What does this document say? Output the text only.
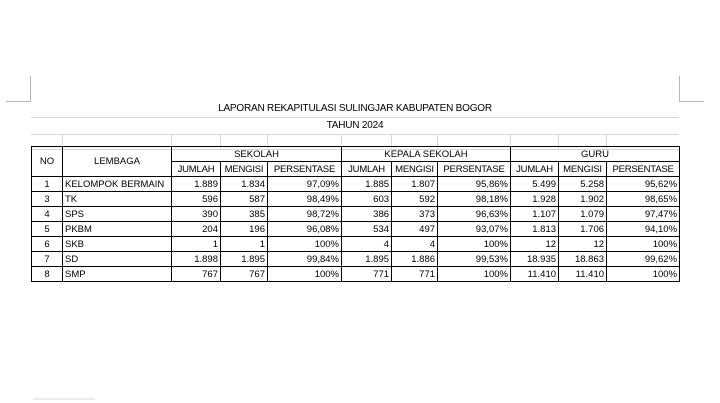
LAPORAN REKAPITULASI SULINGJAR KABUPATEN BOGOR
TAHUN 2024
NO	LEMBAGA	SEKOLAH			KEPALA SEKOLAH			GURU		
		JUMLAH	MENGISI	PERSENTASE	JUMLAH	MENGISI	PERSENTASE	JUMLAH	MENGISI	PERSENTASE
1	KELOMPOK BERMAIN	1.889	1.834	97,09%	1.885	1.807	95,86%	5.499	5.258	95,62%
3	TK	596	587	98,49%	603	592	98,18%	1.928	1.902	98,65%
4	SPS	390	385	98,72%	386	373	96,63%	1.107	1.079	97,47%
5	PKBM	204	196	96,08%	534	497	93,07%	1.813	1.706	94,10%
6	SKB	1	1	100%	4	4	100%	12	12	100%
7	SD	1.898	1.895	99,84%	1.895	1.886	99,53%	18.935	18.863	99,62%
8	SMP	767	767	100%	771	771	100%	11.410	11.410	100%
